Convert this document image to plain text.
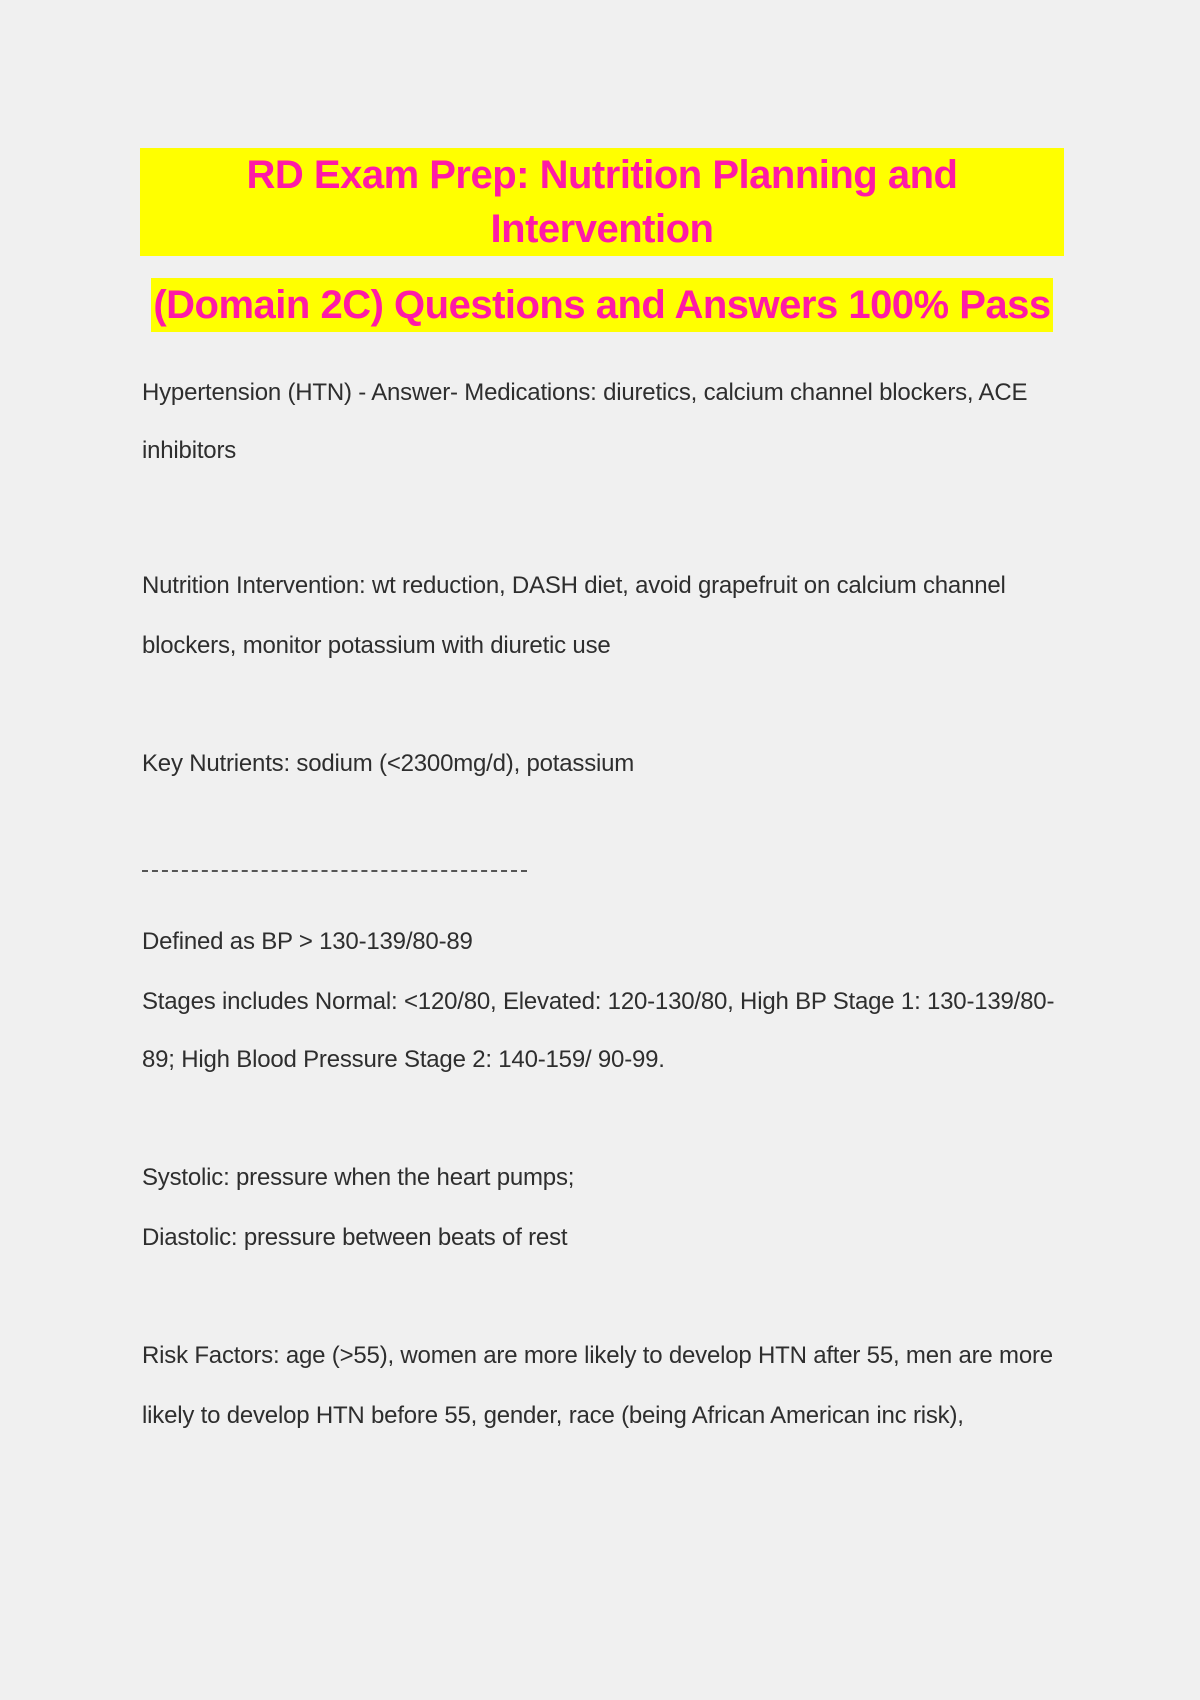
RD Exam Prep: Nutrition Planning and Intervention
(Domain 2C) Questions and Answers 100% Pass
Hypertension (HTN) - Answer- Medications: diuretics, calcium channel blockers, ACE
inhibitors
Nutrition Intervention: wt reduction, DASH diet, avoid grapefruit on calcium channel
blockers, monitor potassium with diuretic use
Key Nutrients: sodium (<2300mg/d), potassium
Defined as BP > 130-139/80-89
Stages includes Normal: <120/80, Elevated: 120-130/80, High BP Stage 1: 130-139/80-
89; High Blood Pressure Stage 2: 140-159/ 90-99.
Systolic: pressure when the heart pumps;
Diastolic: pressure between beats of rest
Risk Factors: age (>55), women are more likely to develop HTN after 55, men are more
likely to develop HTN before 55, gender, race (being African American inc risk),
